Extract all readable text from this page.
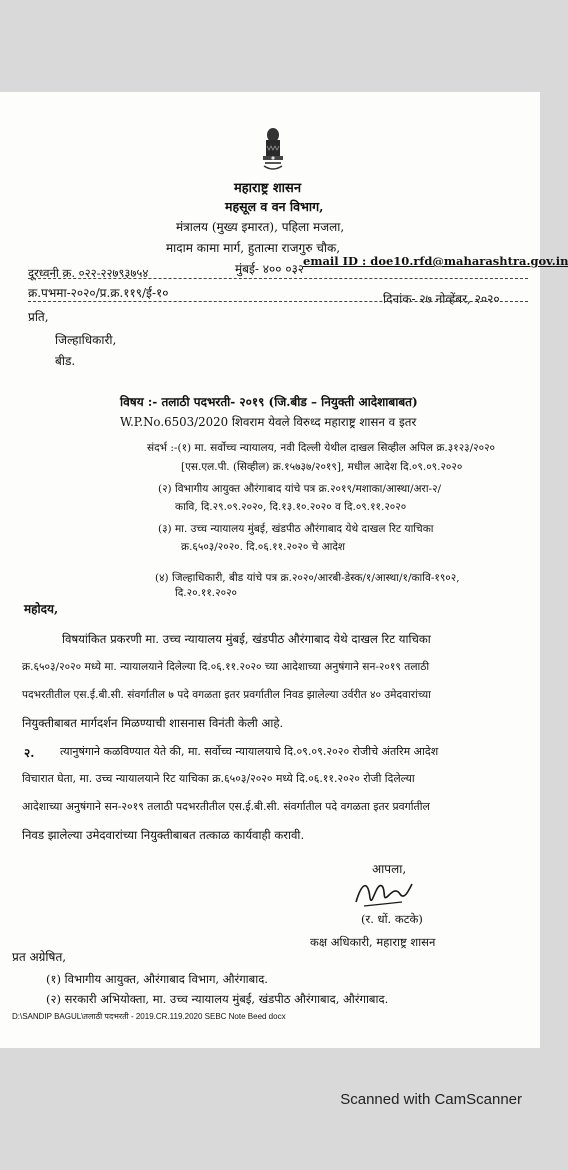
महाराष्ट्र शासन
महसूल व वन विभाग,
मंत्रालय (मुख्य इमारत), पहिला मजला,
मादाम कामा मार्ग, हुतात्मा राजगुरु चौक,
मुंबई- ४०० ०३२
दूरध्वनी क्र. ०२२-२२७९३७५४
email ID : doe10.rfd@maharashtra.gov.in
क्र.पभमा-२०२०/प्र.क्र.११९/ई-१०	दिनांक- २७ नोव्हेंबर, २०२०
प्रति,
जिल्हाधिकारी,
बीड.
विषय :- तलाठी पदभरती- २०१९ (जि.बीड – नियुक्ती आदेशाबाबत)
W.P.No.6503/2020 शिवराम येवले विरुध्द महाराष्ट्र शासन व इतर
संदर्भ :-(१) मा. सर्वोच्च न्यायालय, नवी दिल्ली येथील दाखल सिव्हील अपिल क्र.३१२३/२०२०
[एस.एल.पी. (सिव्हील) क्र.१५७३७/२०१९], मधील आदेश दि.०९.०९.२०२०
(२) विभागीय आयुक्त औरंगाबाद यांचे पत्र क्र.२०१९/मशाका/आस्था/अरा-२/
कावि, दि.२९.०९.२०२०, दि.१३.१०.२०२० व दि.०९.११.२०२०
(३) मा. उच्च न्यायालय मुंबई, खंडपीठ औरंगाबाद येथे दाखल रिट याचिका
क्र.६५०३/२०२०. दि.०६.११.२०२० चे आदेश
(४) जिल्हाधिकारी, बीड यांचे पत्र क्र.२०२०/आरबी-डेस्क/१/आस्था/१/कावि-१९०२,
दि.२०.११.२०२०
महोदय,
विषयांकित प्रकरणी मा. उच्च न्यायालय मुंबई, खंडपीठ औरंगाबाद येथे दाखल रिट याचिका
क्र.६५०३/२०२० मध्ये मा. न्यायालयाने दिलेल्या दि.०६.११.२०२० च्या आदेशाच्या अनुषंगाने सन-२०१९ तलाठी
पदभरतीतील एस.ई.बी.सी. संवर्गातील ७ पदे वगळता इतर प्रवर्गातील निवड झालेल्या उर्वरीत ४० उमेदवारांच्या
नियुक्तीबाबत मार्गदर्शन मिळण्याची शासनास विनंती केली आहे.
२. त्यानुषंगाने कळविण्यात येते की, मा. सर्वोच्च न्यायालयाचे दि.०९.०९.२०२० रोजीचे अंतरिम आदेश
विचारात घेता, मा. उच्च न्यायालयाने रिट याचिका क्र.६५०३/२०२० मध्ये दि.०६.११.२०२० रोजी दिलेल्या
आदेशाच्या अनुषंगाने सन-२०१९ तलाठी पदभरतीतील एस.ई.बी.सी. संवर्गातील पदे वगळता इतर प्रवर्गातील
निवड झालेल्या उमेदवारांच्या नियुक्तीबाबत तत्काळ कार्यवाही करावी.
आपला,
(र. धों. कटके)
कक्ष अधिकारी, महाराष्ट्र शासन
प्रत अग्रेषित,
(१) विभागीय आयुक्त, औरंगाबाद विभाग, औरंगाबाद.
(२) सरकारी अभियोक्ता, मा. उच्च न्यायालय मुंबई, खंडपीठ औरंगाबाद, औरंगाबाद.
D:\SANDIP BAGUL\तलाठी पदभरती - 2019.CR.119.2020 SEBC Note Beed docx
Scanned with CamScanner
